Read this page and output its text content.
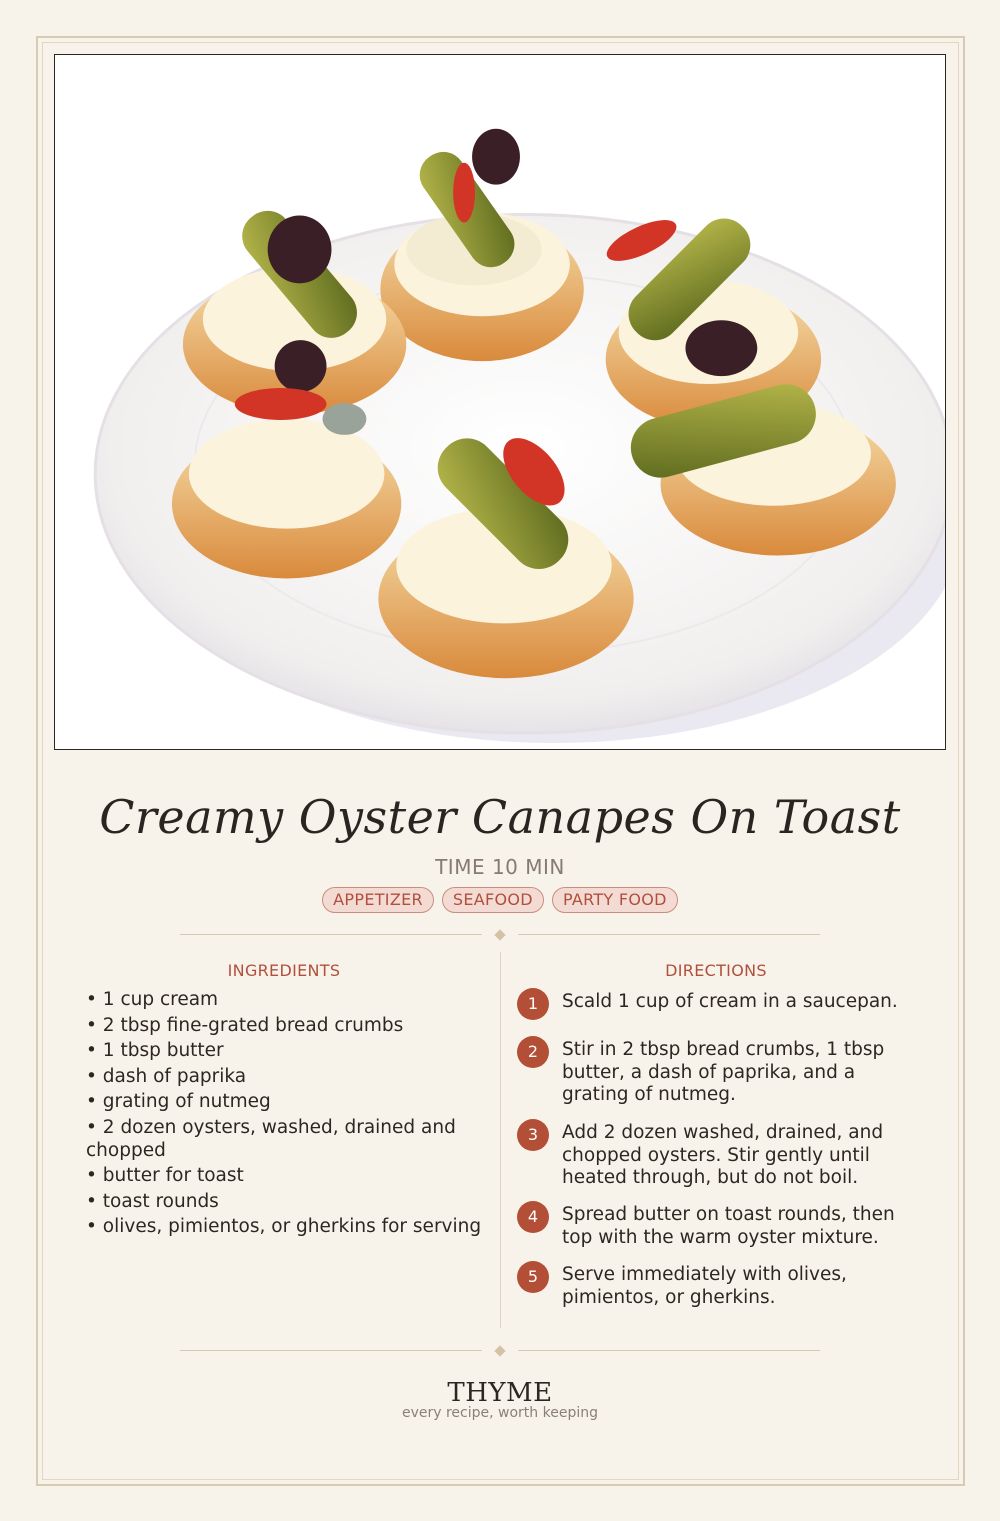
Creamy Oyster Canapes On Toast
TIME 10 MIN
APPETIZER	SEAFOOD	PARTY FOOD
INGREDIENTS
• 1 cup cream
• 2 tbsp fine-grated bread crumbs
• 1 tbsp butter
• dash of paprika
• grating of nutmeg
• 2 dozen oysters, washed, drained and chopped
• butter for toast
• toast rounds
• olives, pimientos, or gherkins for serving
DIRECTIONS
1	Scald 1 cup of cream in a saucepan.
2	Stir in 2 tbsp bread crumbs, 1 tbsp butter, a dash of paprika, and a grating of nutmeg.
3	Add 2 dozen washed, drained, and chopped oysters. Stir gently until heated through, but do not boil.
4	Spread butter on toast rounds, then top with the warm oyster mixture.
5	Serve immediately with olives, pimientos, or gherkins.
THYME
every recipe, worth keeping
